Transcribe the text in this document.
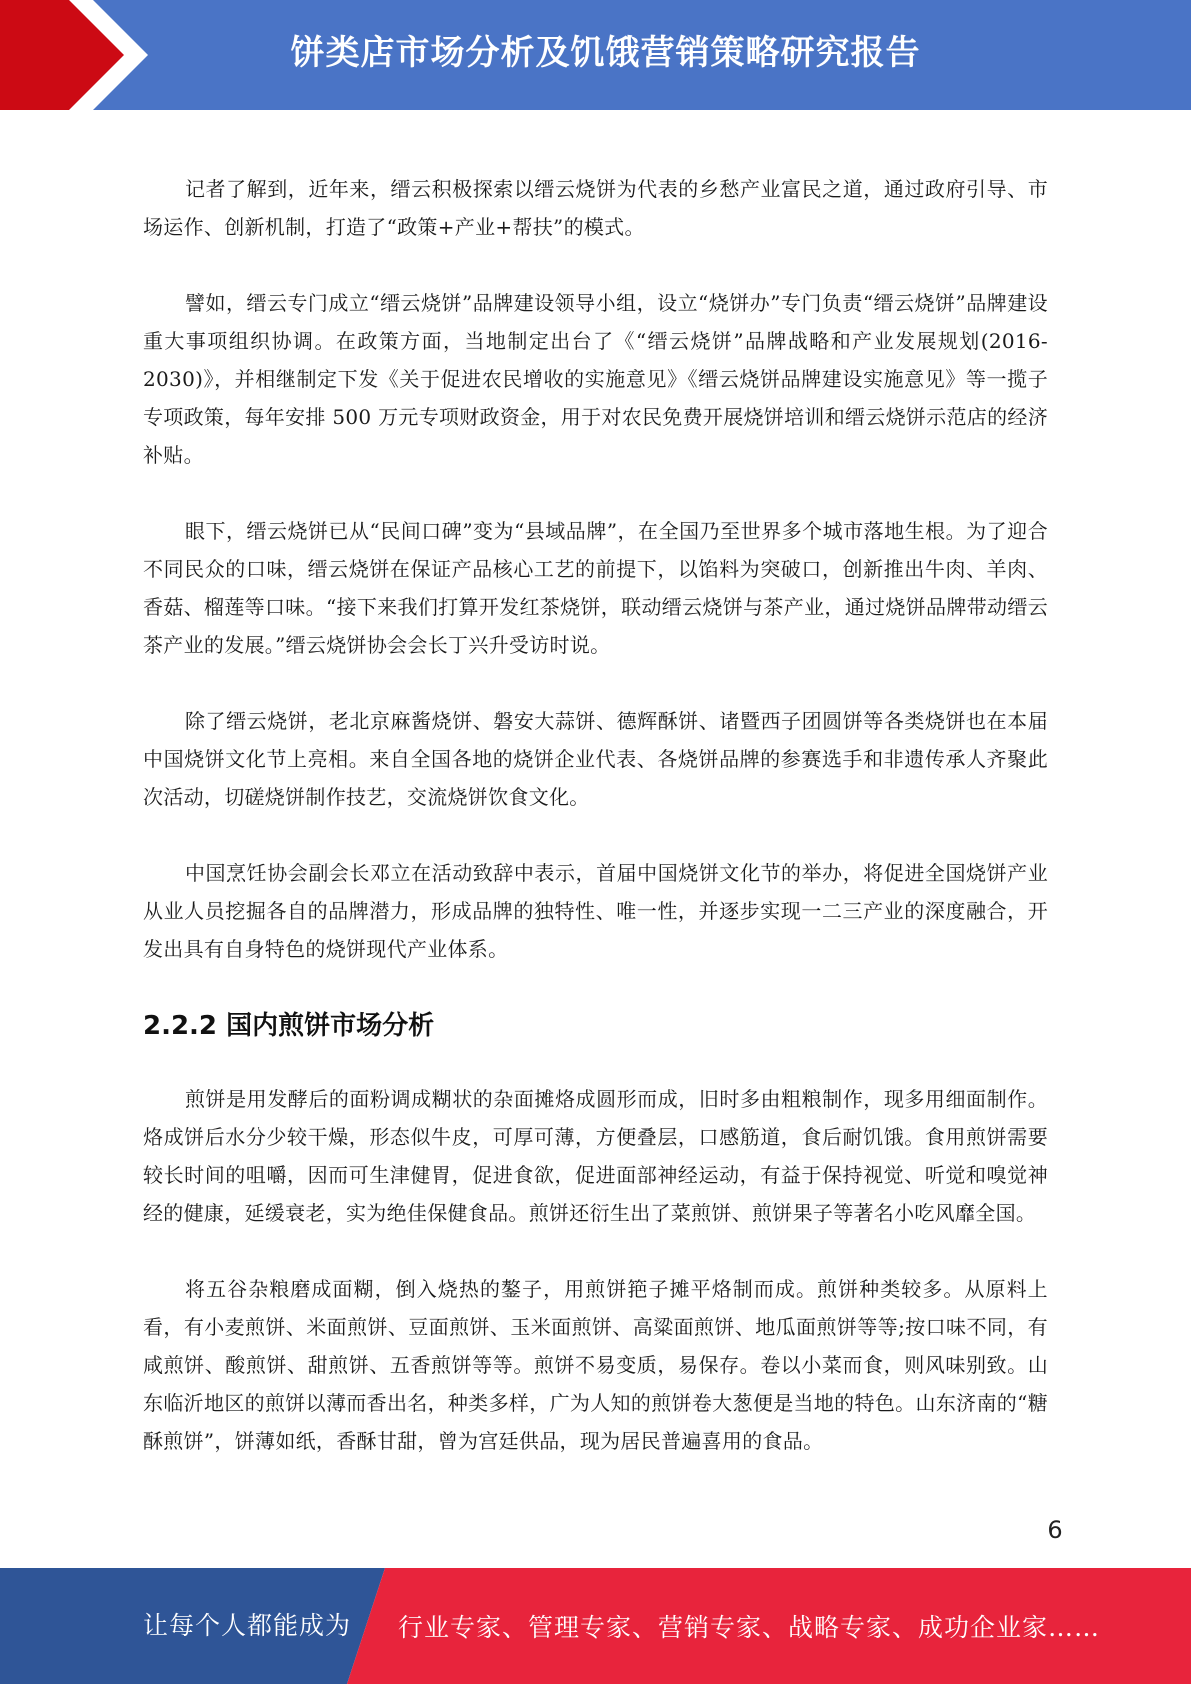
饼类店市场分析及饥饿营销策略研究报告

记者了解到，近年来，缙云积极探索以缙云烧饼为代表的乡愁产业富民之道，通过政府引导、市场运作、创新机制，打造了“政策+产业+帮扶”的模式。

譬如，缙云专门成立“缙云烧饼”品牌建设领导小组，设立“烧饼办”专门负责“缙云烧饼”品牌建设重大事项组织协调。在政策方面，当地制定出台了《“缙云烧饼”品牌战略和产业发展规划(2016-2030)》，并相继制定下发《关于促进农民增收的实施意见》《缙云烧饼品牌建设实施意见》等一揽子专项政策，每年安排 500 万元专项财政资金，用于对农民免费开展烧饼培训和缙云烧饼示范店的经济补贴。

眼下，缙云烧饼已从“民间口碑”变为“县域品牌”，在全国乃至世界多个城市落地生根。为了迎合不同民众的口味，缙云烧饼在保证产品核心工艺的前提下，以馅料为突破口，创新推出牛肉、羊肉、香菇、榴莲等口味。“接下来我们打算开发红茶烧饼，联动缙云烧饼与茶产业，通过烧饼品牌带动缙云茶产业的发展。”缙云烧饼协会会长丁兴升受访时说。

除了缙云烧饼，老北京麻酱烧饼、磐安大蒜饼、德辉酥饼、诸暨西子团圆饼等各类烧饼也在本届中国烧饼文化节上亮相。来自全国各地的烧饼企业代表、各烧饼品牌的参赛选手和非遗传承人齐聚此次活动，切磋烧饼制作技艺，交流烧饼饮食文化。

中国烹饪协会副会长邓立在活动致辞中表示，首届中国烧饼文化节的举办，将促进全国烧饼产业从业人员挖掘各自的品牌潜力，形成品牌的独特性、唯一性，并逐步实现一二三产业的深度融合，开发出具有自身特色的烧饼现代产业体系。

2.2.2 国内煎饼市场分析

煎饼是用发酵后的面粉调成糊状的杂面摊烙成圆形而成，旧时多由粗粮制作，现多用细面制作。烙成饼后水分少较干燥，形态似牛皮，可厚可薄，方便叠层，口感筋道，食后耐饥饿。食用煎饼需要较长时间的咀嚼，因而可生津健胃，促进食欲，促进面部神经运动，有益于保持视觉、听觉和嗅觉神经的健康，延缓衰老，实为绝佳保健食品。煎饼还衍生出了菜煎饼、煎饼果子等著名小吃风靡全国。

将五谷杂粮磨成面糊，倒入烧热的鏊子，用煎饼筢子摊平烙制而成。煎饼种类较多。从原料上看，有小麦煎饼、米面煎饼、豆面煎饼、玉米面煎饼、高粱面煎饼、地瓜面煎饼等等;按口味不同，有咸煎饼、酸煎饼、甜煎饼、五香煎饼等等。煎饼不易变质，易保存。卷以小菜而食，则风味别致。山东临沂地区的煎饼以薄而香出名，种类多样，广为人知的煎饼卷大葱便是当地的特色。山东济南的“糖酥煎饼”，饼薄如纸，香酥甘甜，曾为宫廷供品，现为居民普遍喜用的食品。

6
让每个人都能成为 行业专家、管理专家、营销专家、战略专家、成功企业家……
